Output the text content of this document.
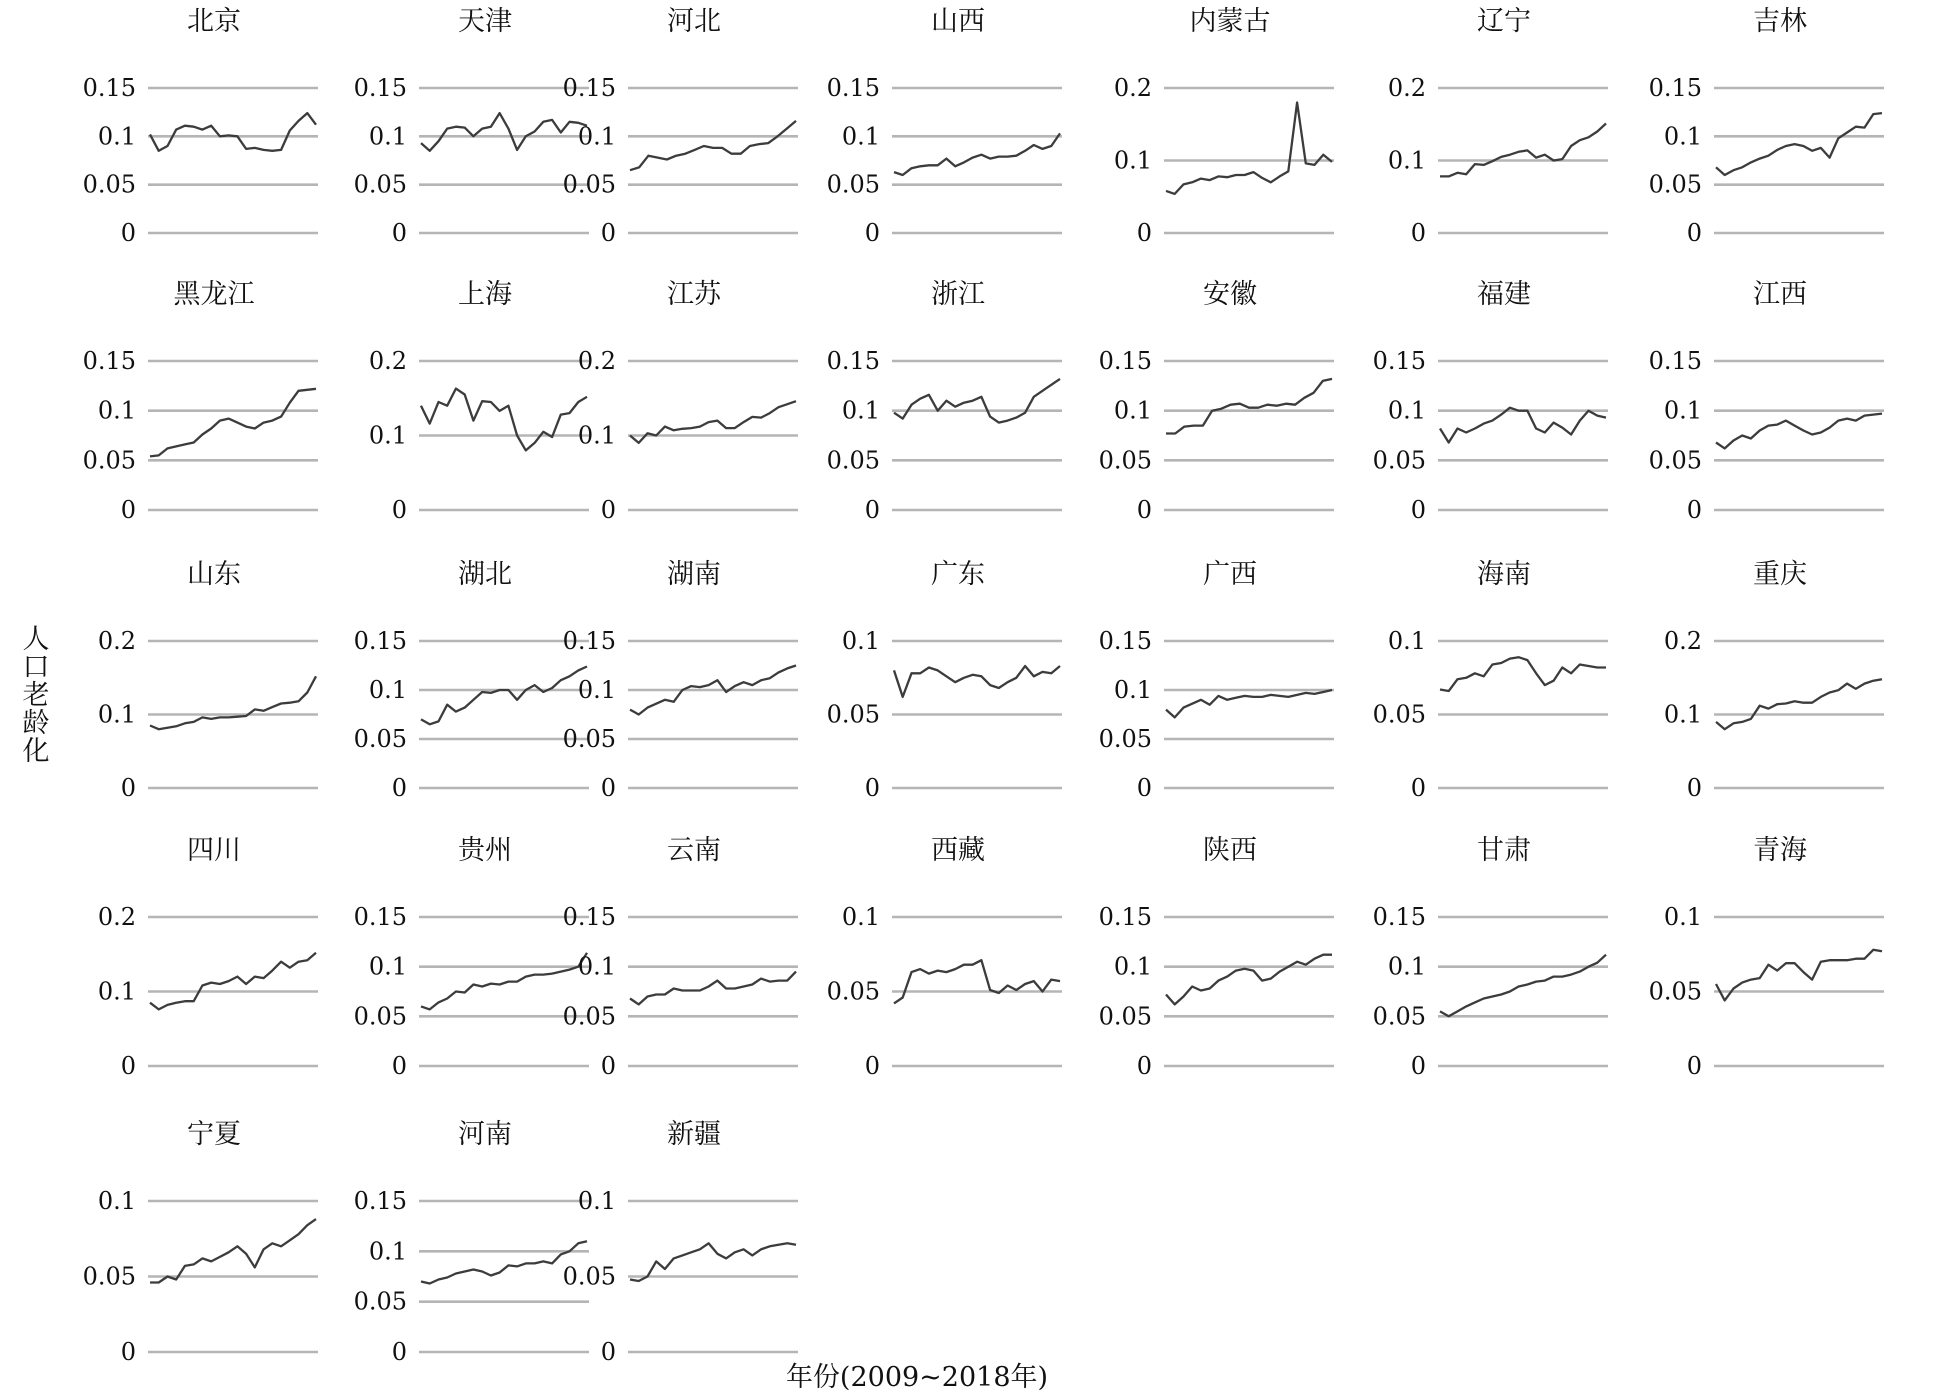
北京
0
0.05
0.1
0.15
天津
0
0.05
0.1
0.15
河北
0
0.05
0.1
0.15
山西
0
0.05
0.1
0.15
内蒙古
0
0.1
0.2
辽宁
0
0.1
0.2
吉林
0
0.05
0.1
0.15
黑龙江
0
0.05
0.1
0.15
上海
0
0.1
0.2
江苏
0
0.1
0.2
浙江
0
0.05
0.1
0.15
安徽
0
0.05
0.1
0.15
福建
0
0.05
0.1
0.15
江西
0
0.05
0.1
0.15
山东
0
0.1
0.2
湖北
0
0.05
0.1
0.15
湖南
0
0.05
0.1
0.15
广东
0
0.05
0.1
广西
0
0.05
0.1
0.15
海南
0
0.05
0.1
重庆
0
0.1
0.2
四川
0
0.1
0.2
贵州
0
0.05
0.1
0.15
云南
0
0.05
0.1
0.15
西藏
0
0.05
0.1
陕西
0
0.05
0.1
0.15
甘肃
0
0.05
0.1
0.15
青海
0
0.05
0.1
宁夏
0
0.05
0.1
河南
0
0.05
0.1
0.15
新疆
0
0.05
0.1
人口老龄化
年份(2009~2018年)
